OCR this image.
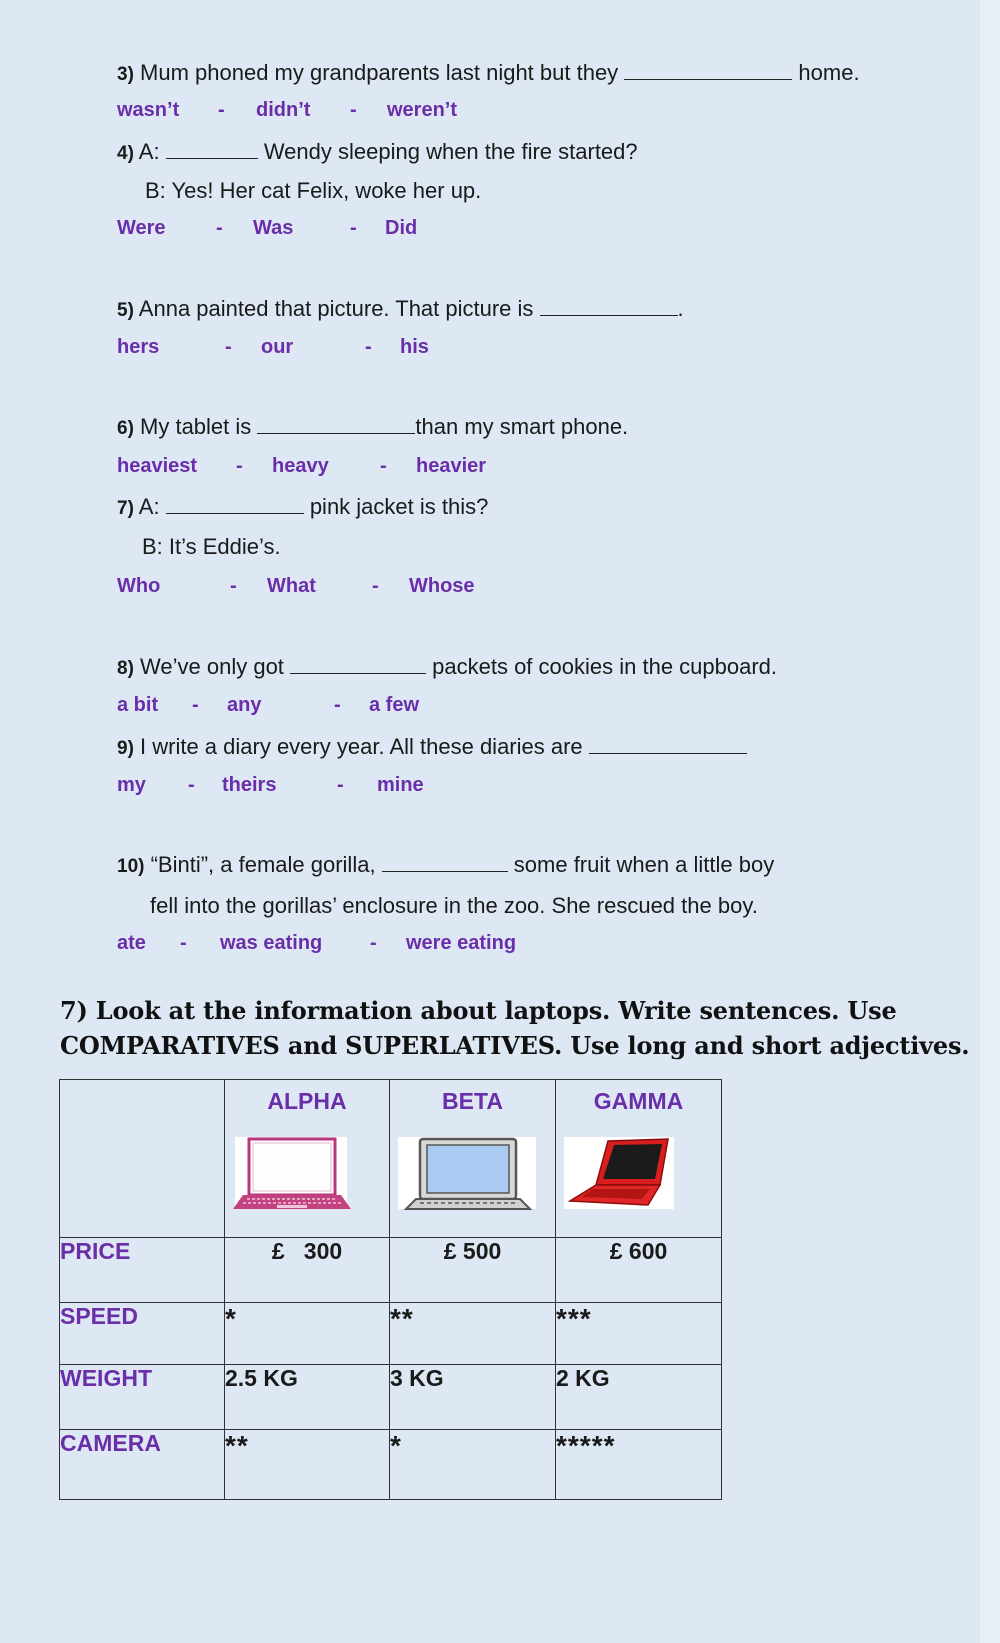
3) Mum phoned my grandparents last night but they	home.
wasn’t - didn’t - weren’t
4) A:	Wendy sleeping when the fire started?
B: Yes! Her cat Felix, woke her up.
Were	- Was	- Did
5) Anna painted that picture. That picture is	.
hers	- our	- his
6) My tablet is	than my smart phone.
heaviest - heavy	- heavier
7) A:	pink jacket is this?
B: It’s Eddie’s.
Who	- What	- Whose
8) We’ve only got	packets of cookies in the cupboard.
a bit - any	- a few
9) I write a diary every year. All these diaries are
my - theirs	- mine
10) “Binti”, a female gorilla,	some fruit when a little boy
fell into the gorillas’ enclosure in the zoo. She rescued the boy.
ate - was eating - were eating
7) Look at the information about laptops. Write sentences. Use
COMPARATIVES and SUPERLATIVES. Use long and short adjectives.

	ALPHA	BETA	GAMMA

PRICE	£   300	£ 500	£ 600
SPEED	*	**	***
WEIGHT	2.5 KG	3 KG	2 KG
CAMERA	**	*	*****
